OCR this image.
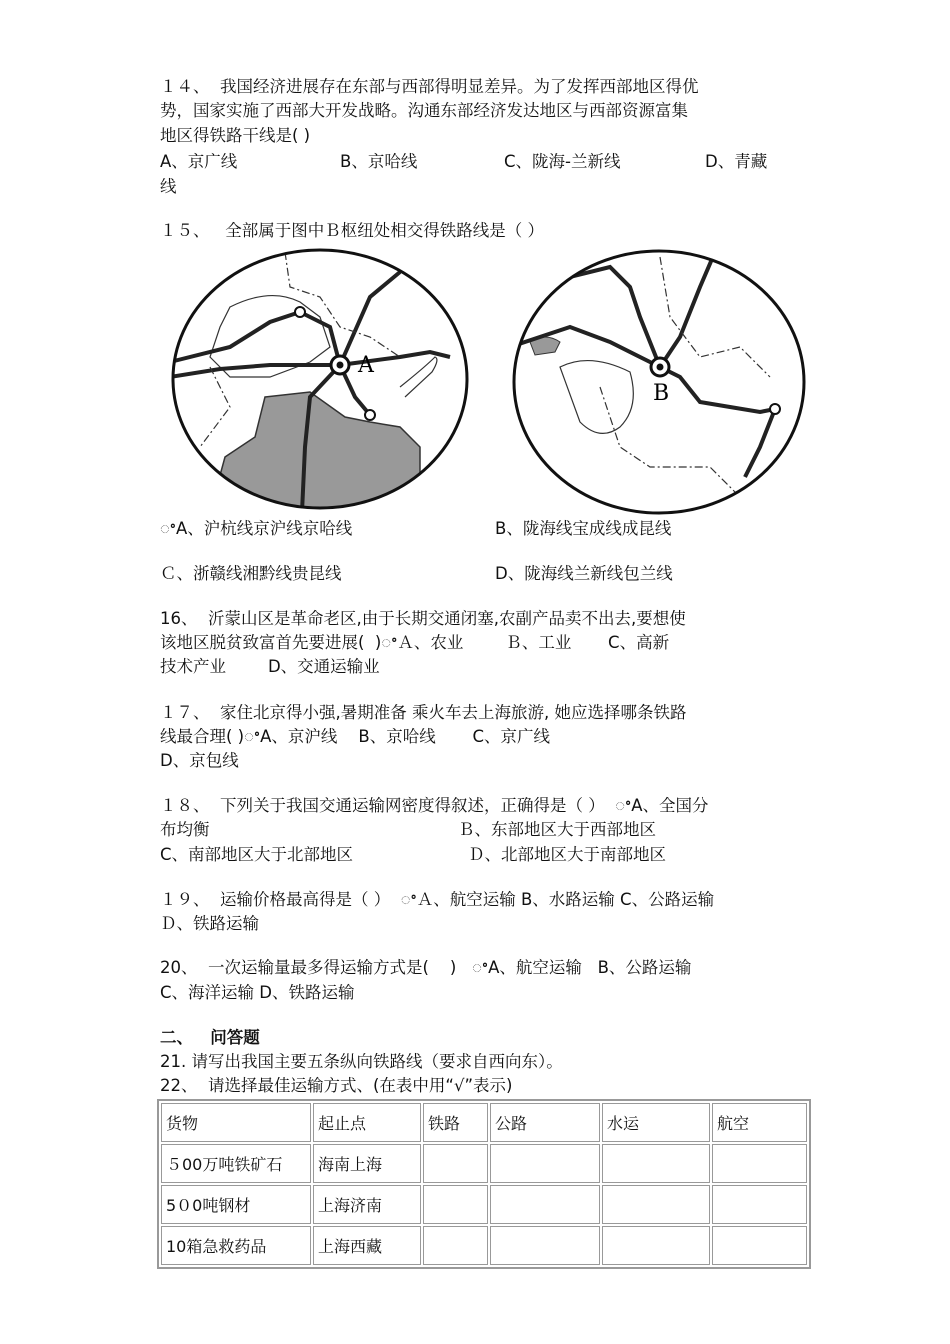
１４、  我国经济进展存在东部与西部得明显差异。为了发挥西部地区得优
势，国家实施了西部大开发战略。沟通东部经济发达地区与西部资源富集
地区得铁路干线是( )
A、京广线	B、京哈线	C、陇海-兰新线	D、青藏
线
１５、   全部属于图中Ｂ枢纽处相交得铁路线是（ ）
A
B
ꢀA、沪杭线京沪线京哈线	B、陇海线宝成线成昆线
Ｃ、浙赣线湘黔线贵昆线	D、陇海线兰新线包兰线
16、  沂蒙山区是革命老区,由于长期交通闭塞,农副产品卖不出去,要想使
该地区脱贫致富首先要进展(  )ꢀＡ、农业        Ｂ、工业       C、高新
技术产业        D、交通运输业
１７、  家住北京得小强,暑期准备 乘火车去上海旅游, 她应选择哪条铁路
线最合理( )ꢀA、京沪线    B、京哈线       C、京广线
D、京包线
１８、  下列关于我国交通运输网密度得叙述，正确得是（ ）  ꢀA、全国分
布均衡	Ｂ、东部地区大于西部地区
C、南部地区大于北部地区	Ｄ、北部地区大于南部地区
１９、  运输价格最高得是（ ）  ꢀＡ、航空运输 B、水路运输 C、公路运输
Ｄ、铁路运输
20、  一次运输量最多得运输方式是(    )   ꢀA、航空运输   B、公路运输
C、海洋运输 D、铁路运输
二、   问答题
21. 请写出我国主要五条纵向铁路线（要求自西向东）。
22、  请选择最佳运输方式、(在表中用“√”表示)
货物	起止点	铁路	公路	水运	航空
５00万吨铁矿石	海南上海				
5０0吨钢材	上海济南				
10箱急救药品	上海西藏				
